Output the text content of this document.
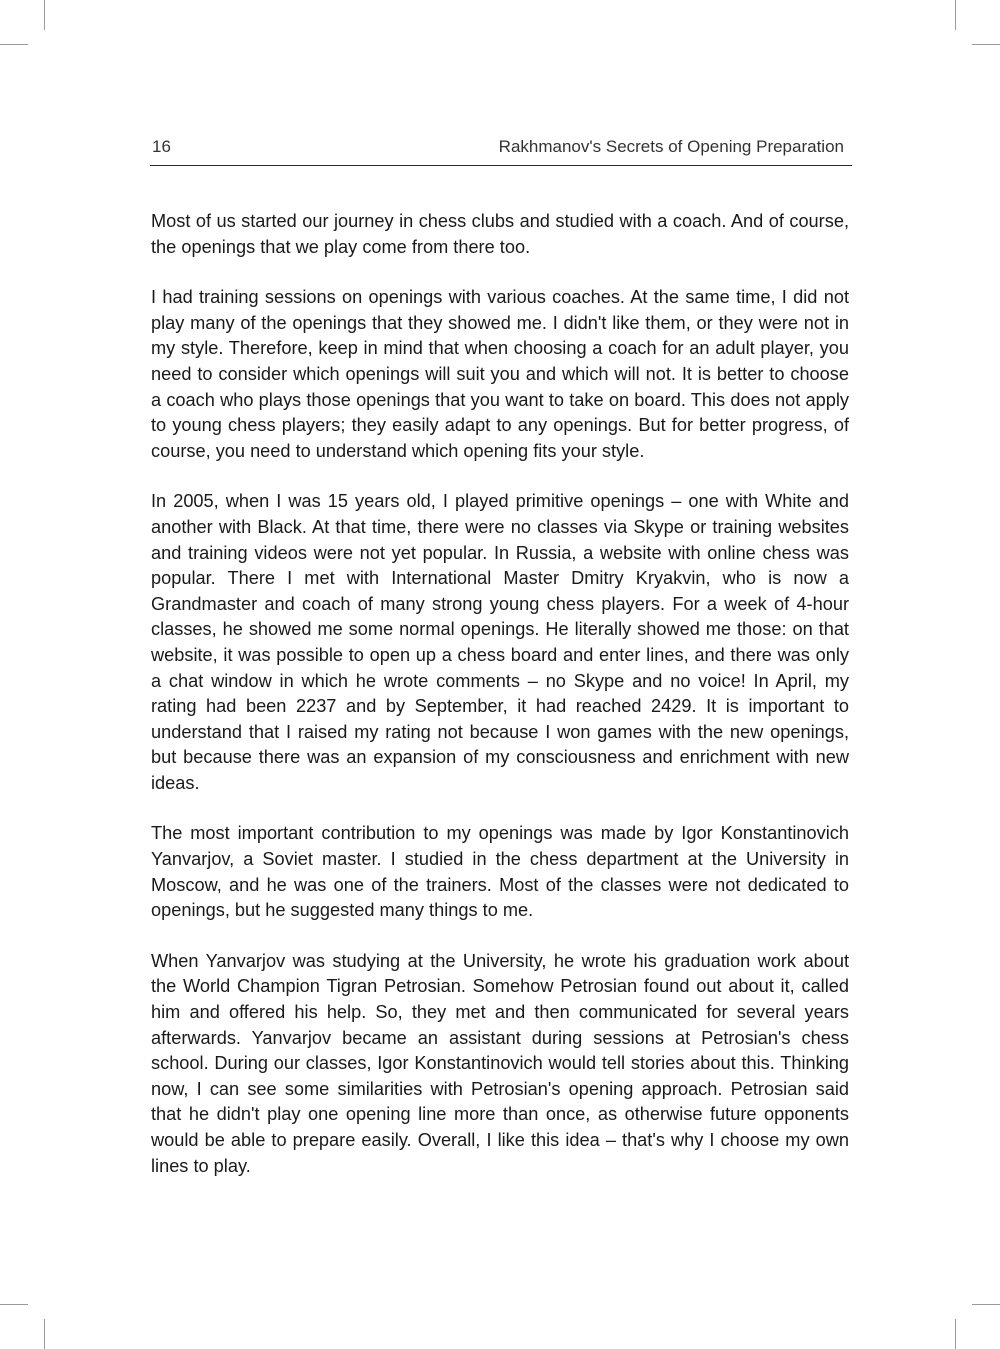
16	Rakhmanov's Secrets of Opening Preparation

Most of us started our journey in chess clubs and studied with a coach. And of course, the openings that we play come from there too.

I had training sessions on openings with various coaches. At the same time, I did not play many of the openings that they showed me. I didn't like them, or they were not in my style. Therefore, keep in mind that when choosing a coach for an adult player, you need to consider which openings will suit you and which will not. It is better to choose a coach who plays those openings that you want to take on board. This does not apply to young chess players; they easily adapt to any openings. But for better progress, of course, you need to understand which opening fits your style.

In 2005, when I was 15 years old, I played primitive openings – one with White and another with Black. At that time, there were no classes via Skype or training websites and training videos were not yet popular. In Russia, a website with online chess was popular. There I met with International Master Dmitry Kryakvin, who is now a Grandmaster and coach of many strong young chess players. For a week of 4-hour classes, he showed me some normal openings. He literally showed me those: on that website, it was possible to open up a chess board and enter lines, and there was only a chat window in which he wrote comments – no Skype and no voice! In April, my rating had been 2237 and by September, it had reached 2429. It is important to understand that I raised my rating not because I won games with the new openings, but because there was an expansion of my consciousness and enrichment with new ideas.

The most important contribution to my openings was made by Igor Konstantinovich Yanvarjov, a Soviet master. I studied in the chess department at the University in Moscow, and he was one of the trainers. Most of the classes were not dedicated to openings, but he suggested many things to me.

When Yanvarjov was studying at the University, he wrote his graduation work about the World Champion Tigran Petrosian. Somehow Petrosian found out about it, called him and offered his help. So, they met and then communicated for several years afterwards. Yanvarjov became an assistant during sessions at Petrosian's chess school. During our classes, Igor Konstantinovich would tell stories about this. Thinking now, I can see some similarities with Petrosian's opening approach. Petrosian said that he didn't play one opening line more than once, as otherwise future opponents would be able to prepare easily. Overall, I like this idea – that's why I choose my own lines to play.
